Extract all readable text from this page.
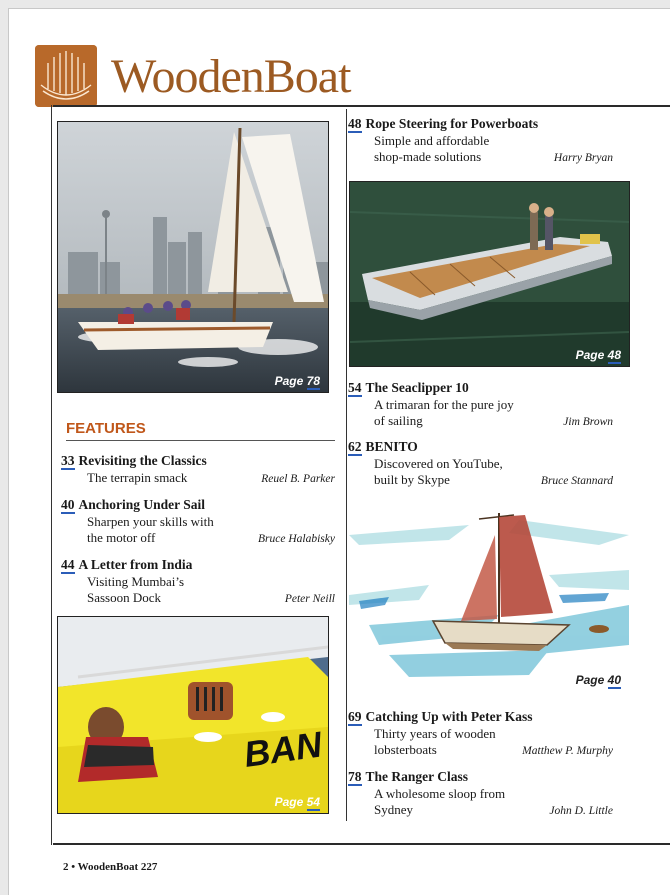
WoodenBoat
Page 78
FEATURES
33 Revisiting the Classics
The terrapin smack	Reuel B. Parker
40 Anchoring Under Sail
Sharpen your skills with
the motor off	Bruce Halabisky
44 A Letter from India
Visiting Mumbai’s
Sassoon Dock	Peter Neill
BAN
Page 54
48 Rope Steering for Powerboats
Simple and affordable
shop-made solutions	Harry Bryan
Page 48
54 The Seaclipper 10
A trimaran for the pure joy
of sailing	Jim Brown
62 BENITO
Discovered on YouTube,
built by Skype	Bruce Stannard
Page 40
69 Catching Up with Peter Kass
Thirty years of wooden
lobsterboats	Matthew P. Murphy
78 The Ranger Class
A wholesome sloop from
Sydney	John D. Little
2 • WoodenBoat 227
